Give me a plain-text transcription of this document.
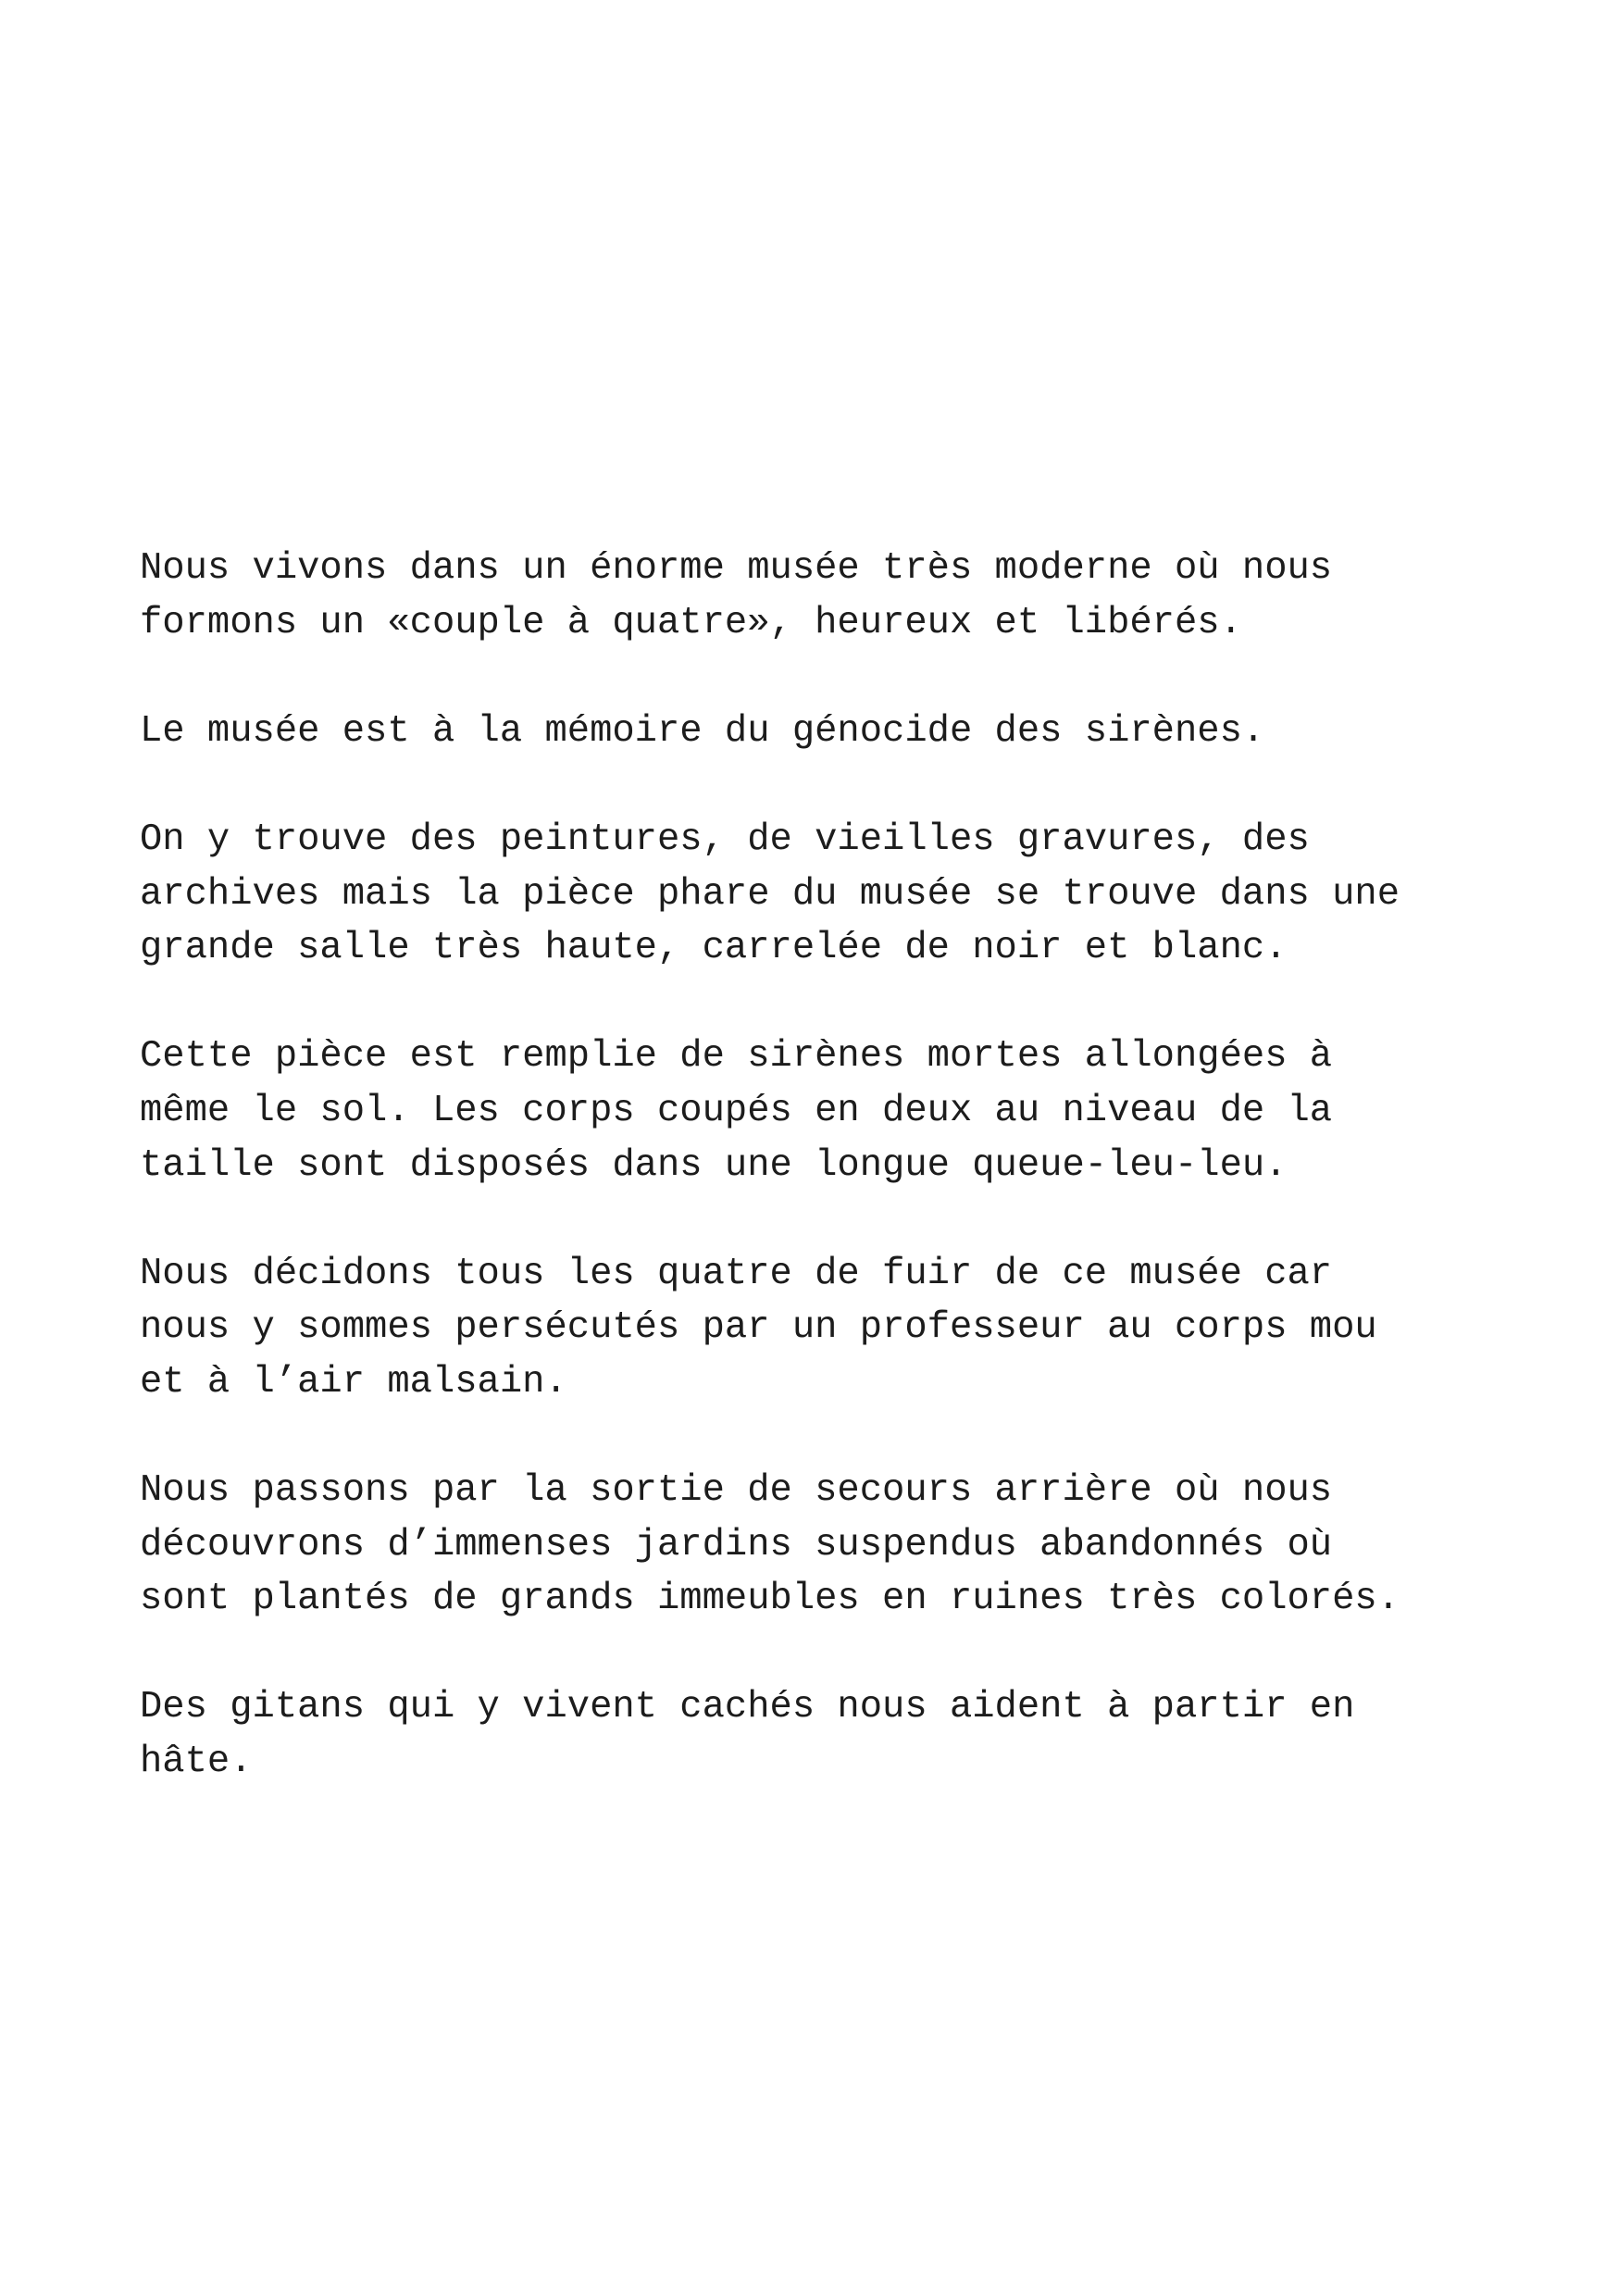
Nous vivons dans un énorme musée très moderne où nous
formons un «couple à quatre», heureux et libérés.

Le musée est à la mémoire du génocide des sirènes.

On y trouve des peintures, de vieilles gravures, des
archives mais la pièce phare du musée se trouve dans une
grande salle très haute, carrelée de noir et blanc.

Cette pièce est remplie de sirènes mortes allongées à
même le sol. Les corps coupés en deux au niveau de la
taille sont disposés dans une longue queue-leu-leu.

Nous décidons tous les quatre de fuir de ce musée car
nous y sommes persécutés par un professeur au corps mou
et à l’air malsain.

Nous passons par la sortie de secours arrière où nous
découvrons d’immenses jardins suspendus abandonnés où
sont plantés de grands immeubles en ruines très colorés.

Des gitans qui y vivent cachés nous aident à partir en
hâte.
